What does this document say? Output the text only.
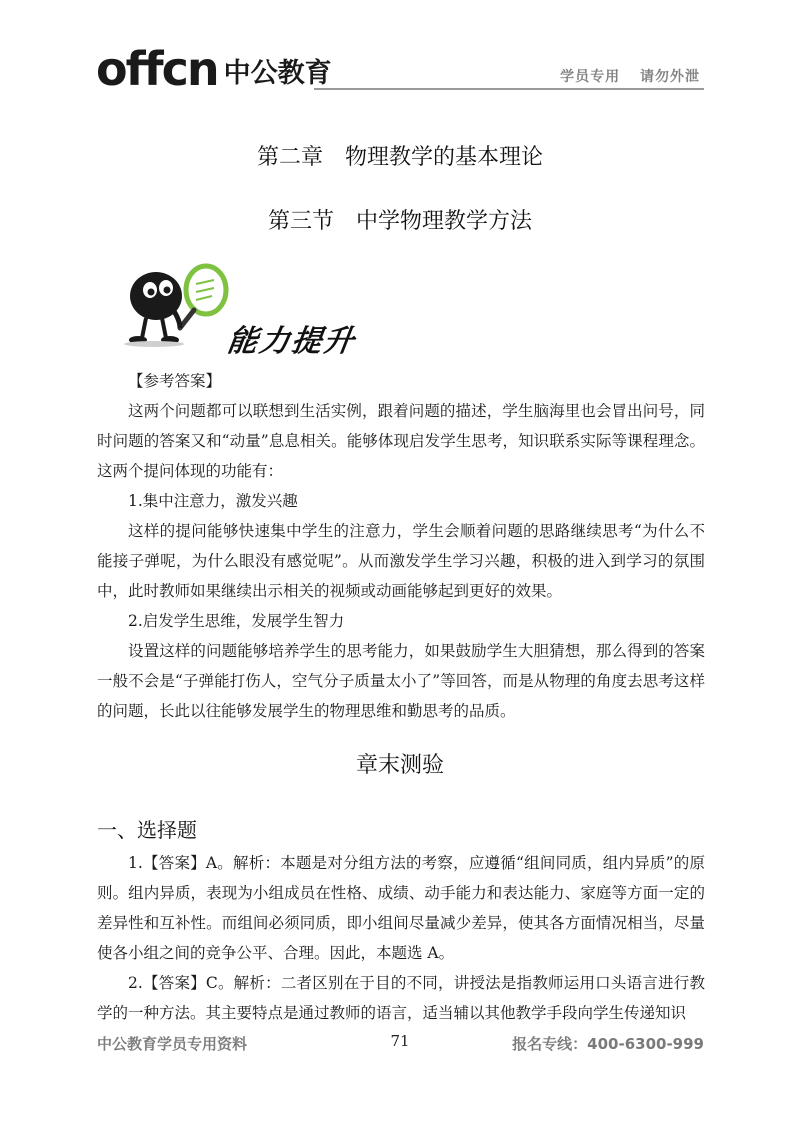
offcn 中公教育	学员专用 请勿外泄
第二章　物理教学的基本理论
第三节　中学物理教学方法
能力提升

【参考答案】

这两个问题都可以联想到生活实例，跟着问题的描述，学生脑海里也会冒出问号，同时问题的答案又和“动量”息息相关。能够体现启发学生思考，知识联系实际等课程理念。这两个提问体现的功能有：

1.集中注意力，激发兴趣

这样的提问能够快速集中学生的注意力，学生会顺着问题的思路继续思考“为什么不能接子弹呢，为什么眼没有感觉呢”。从而激发学生学习兴趣，积极的进入到学习的氛围中，此时教师如果继续出示相关的视频或动画能够起到更好的效果。

2.启发学生思维，发展学生智力

设置这样的问题能够培养学生的思考能力，如果鼓励学生大胆猜想，那么得到的答案一般不会是“子弹能打伤人，空气分子质量太小了”等回答，而是从物理的角度去思考这样的问题，长此以往能够发展学生的物理思维和勤思考的品质。

章末测验
一、选择题

1.【答案】A。解析：本题是对分组方法的考察，应遵循“组间同质，组内异质”的原则。组内异质，表现为小组成员在性格、成绩、动手能力和表达能力、家庭等方面一定的差异性和互补性。而组间必须同质，即小组间尽量减少差异，使其各方面情况相当，尽量使各小组之间的竞争公平、合理。因此，本题选 A。

2.【答案】C。解析：二者区别在于目的不同，讲授法是指教师运用口头语言进行教学的一种方法。其主要特点是通过教师的语言，适当辅以其他教学手段向学生传递知识

中公教育学员专用资料	71	报名专线：400-6300-999
